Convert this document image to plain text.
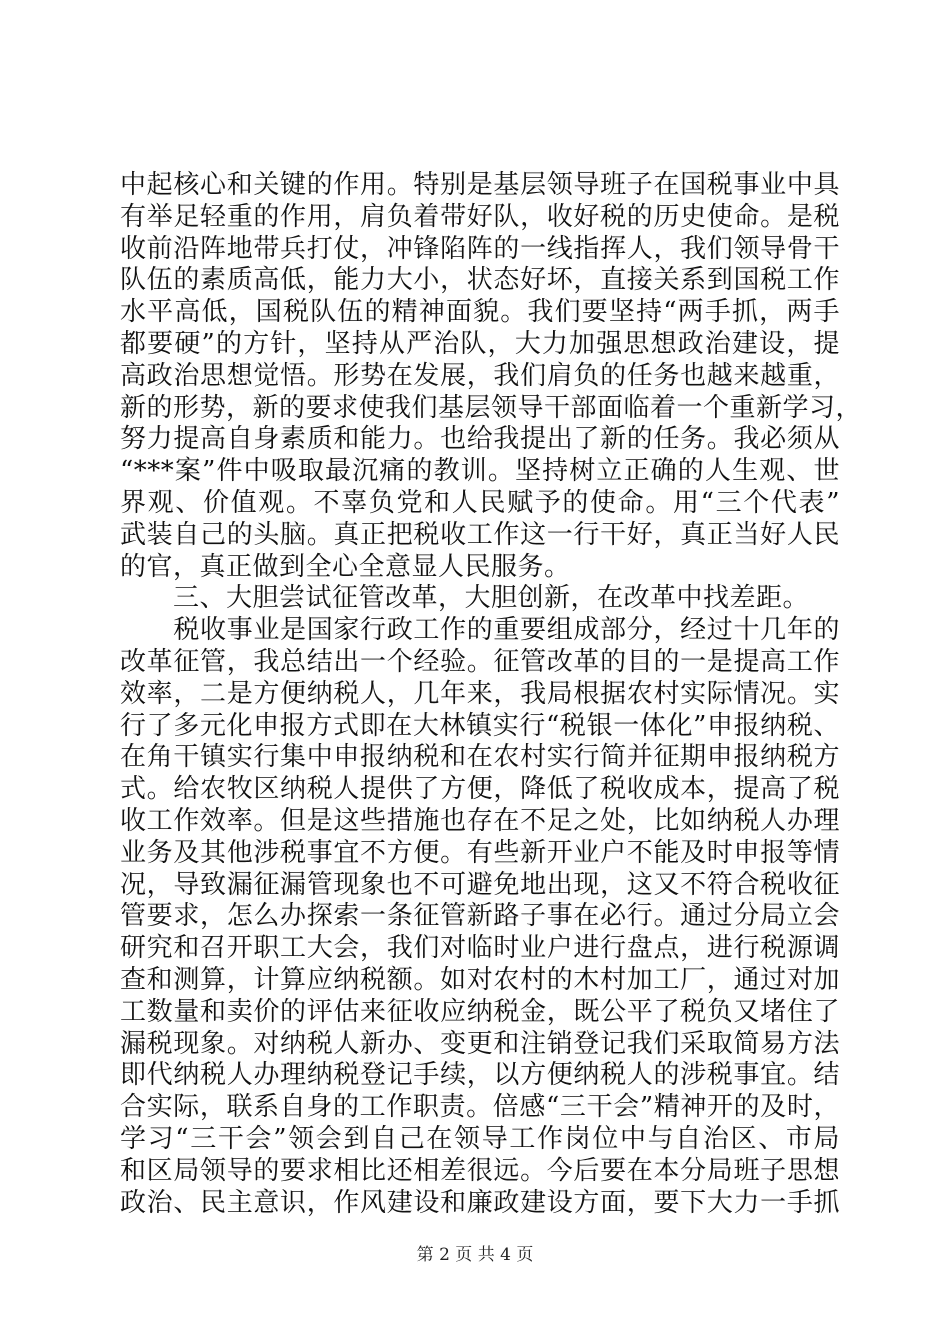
中起核心和关键的作用。特别是基层领导班子在国税事业中具
有举足轻重的作用，肩负着带好队，收好税的历史使命。是税
收前沿阵地带兵打仗，冲锋陷阵的一线指挥人，我们领导骨干
队伍的素质高低，能力大小，状态好坏，直接关系到国税工作
水平高低，国税队伍的精神面貌。我们要坚持“两手抓，两手
都要硬”的方针，坚持从严治队，大力加强思想政治建设，提
高政治思想觉悟。形势在发展，我们肩负的任务也越来越重，
新的形势，新的要求使我们基层领导干部面临着一个重新学习，
努力提高自身素质和能力。也给我提出了新的任务。我必须从
“***案”件中吸取最沉痛的教训。坚持树立正确的人生观、世
界观、价值观。不辜负党和人民赋予的使命。用“三个代表”
武装自己的头脑。真正把税收工作这一行干好，真正当好人民
的官，真正做到全心全意显人民服务。
　　三、大胆尝试征管改革，大胆创新，在改革中找差距。
　　税收事业是国家行政工作的重要组成部分，经过十几年的
改革征管，我总结出一个经验。征管改革的目的一是提高工作
效率，二是方便纳税人，几年来，我局根据农村实际情况。实
行了多元化申报方式即在大林镇实行“税银一体化”申报纳税、
在角干镇实行集中申报纳税和在农村实行简并征期申报纳税方
式。给农牧区纳税人提供了方便，降低了税收成本，提高了税
收工作效率。但是这些措施也存在不足之处，比如纳税人办理
业务及其他涉税事宜不方便。有些新开业户不能及时申报等情
况，导致漏征漏管现象也不可避免地出现，这又不符合税收征
管要求，怎么办探索一条征管新路子事在必行。通过分局立会
研究和召开职工大会，我们对临时业户进行盘点，进行税源调
查和测算，计算应纳税额。如对农村的木村加工厂，通过对加
工数量和卖价的评估来征收应纳税金，既公平了税负又堵住了
漏税现象。对纳税人新办、变更和注销登记我们采取简易方法
即代纳税人办理纳税登记手续，以方便纳税人的涉税事宜。结
合实际，联系自身的工作职责。倍感“三干会”精神开的及时，
学习“三干会”领会到自己在领导工作岗位中与自治区、市局
和区局领导的要求相比还相差很远。今后要在本分局班子思想
政治、民主意识，作风建设和廉政建设方面，要下大力一手抓
第 2 页 共 4 页
